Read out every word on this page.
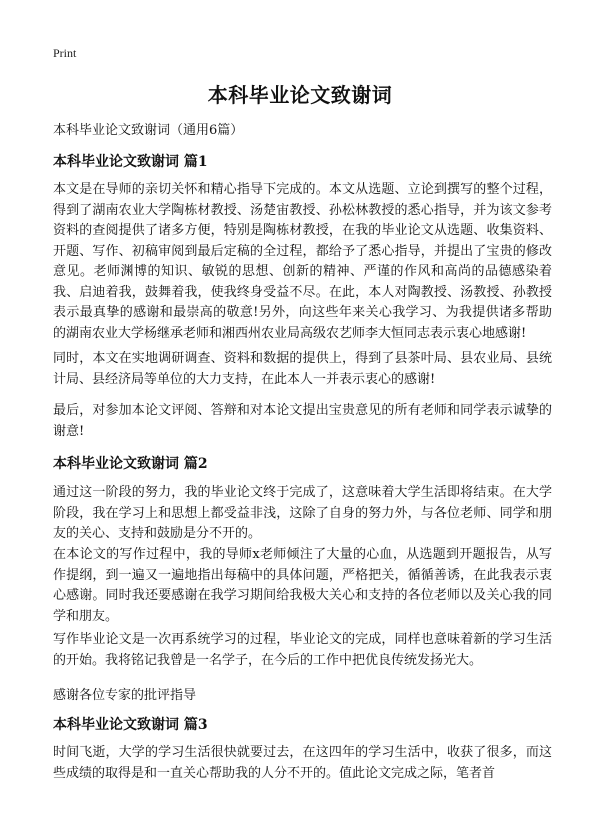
Print
本科毕业论文致谢词
本科毕业论文致谢词（通用6篇）
本科毕业论文致谢词 篇1

本文是在导师的亲切关怀和精心指导下完成的。本文从选题、立论到撰写的整个过程，得到了湖南农业大学陶栋材教授、汤楚宙教授、孙松林教授的悉心指导，并为该文参考资料的查阅提供了诸多方便，特别是陶栋材教授，在我的毕业论文从选题、收集资料、开题、写作、初稿审阅到最后定稿的全过程，都给予了悉心指导，并提出了宝贵的修改意见。老师渊博的知识、敏锐的思想、创新的精神、严谨的作风和高尚的品德感染着我、启迪着我，鼓舞着我，使我终身受益不尽。在此，本人对陶教授、汤教授、孙教授表示最真挚的感谢和最崇高的敬意!另外，向这些年来关心我学习、为我提供诸多帮助的湖南农业大学杨继承老师和湘西州农业局高级农艺师李大恒同志表示衷心地感谢!

同时，本文在实地调研调查、资料和数据的提供上，得到了县茶叶局、县农业局、县统计局、县经济局等单位的大力支持，在此本人一并表示衷心的感谢!

最后，对参加本论文评阅、答辩和对本论文提出宝贵意见的所有老师和同学表示诚挚的谢意!

本科毕业论文致谢词 篇2

通过这一阶段的努力，我的毕业论文终于完成了，这意味着大学生活即将结束。在大学阶段，我在学习上和思想上都受益非浅，这除了自身的努力外，与各位老师、同学和朋友的关心、支持和鼓励是分不开的。

在本论文的写作过程中，我的导师x老师倾注了大量的心血，从选题到开题报告，从写作提纲，到一遍又一遍地指出每稿中的具体问题，严格把关，循循善诱，在此我表示衷心感谢。同时我还要感谢在我学习期间给我极大关心和支持的各位老师以及关心我的同学和朋友。

写作毕业论文是一次再系统学习的过程，毕业论文的完成，同样也意味着新的学习生活的开始。我将铭记我曾是一名学子，在今后的工作中把优良传统发扬光大。

感谢各位专家的批评指导
本科毕业论文致谢词 篇3

时间飞逝，大学的学习生活很快就要过去，在这四年的学习生活中，收获了很多，而这些成绩的取得是和一直关心帮助我的人分不开的。值此论文完成之际，笔者首
